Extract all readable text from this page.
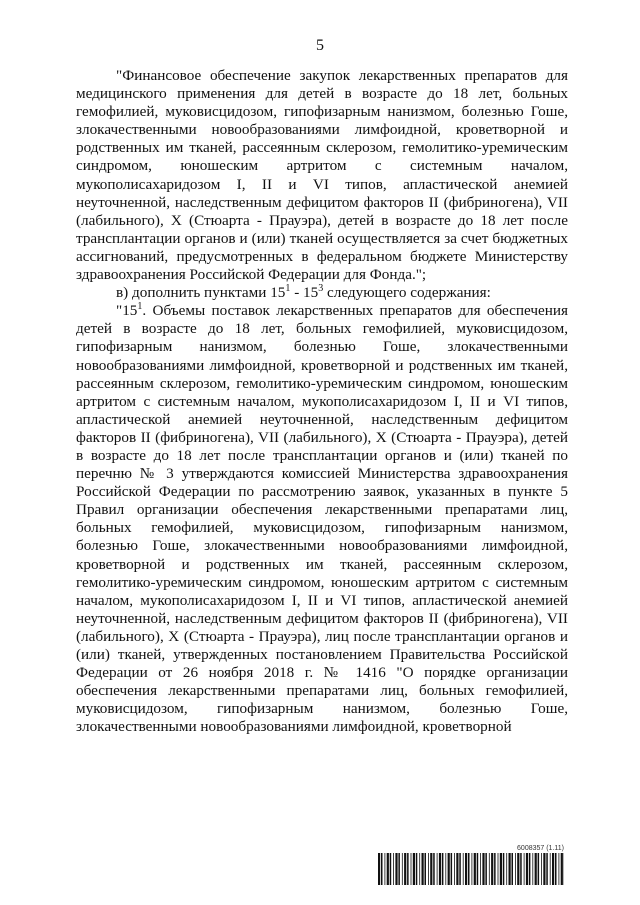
5

"Финансовое обеспечение закупок лекарственных препаратов для медицинского применения для детей в возрасте до 18 лет, больных гемофилией, муковисцидозом, гипофизарным нанизмом, болезнью Гоше, злокачественными новообразованиями лимфоидной, кроветворной и родственных им тканей, рассеянным склерозом, гемолитико-уремическим синдромом, юношеским артритом с системным началом, мукополисахаридозом I, II и VI типов, апластической анемией неуточненной, наследственным дефицитом факторов II (фибриногена), VII (лабильного), X (Стюарта - Прауэра), детей в возрасте до 18 лет после трансплантации органов и (или) тканей осуществляется за счет бюджетных ассигнований, предусмотренных в федеральном бюджете Министерству здравоохранения Российской Федерации для Фонда.";

в) дополнить пунктами $15^1 - 15^3$ следующего содержания:

"$15^1$. Объемы поставок лекарственных препаратов для обеспечения детей в возрасте до 18 лет, больных гемофилией, муковисцидозом, гипофизарным нанизмом, болезнью Гоше, злокачественными новообразованиями лимфоидной, кроветворной и родственных им тканей, рассеянным склерозом, гемолитико-уремическим синдромом, юношеским артритом с системным началом, мукополисахаридозом I, II и VI типов, апластической анемией неуточненной, наследственным дефицитом факторов II (фибриногена), VII (лабильного), X (Стюарта - Прауэра), детей в возрасте до 18 лет после трансплантации органов и (или) тканей по перечню № 3 утверждаются комиссией Министерства здравоохранения Российской Федерации по рассмотрению заявок, указанных в пункте 5 Правил организации обеспечения лекарственными препаратами лиц, больных гемофилией, муковисцидозом, гипофизарным нанизмом, болезнью Гоше, злокачественными новообразованиями лимфоидной, кроветворной и родственных им тканей, рассеянным склерозом, гемолитико-уремическим синдромом, юношеским артритом с системным началом, мукополисахаридозом I, II и VI типов, апластической анемией неуточненной, наследственным дефицитом факторов II (фибриногена), VII (лабильного), X (Стюарта - Прауэра), лиц после трансплантации органов и (или) тканей, утвержденных постановлением Правительства Российской Федерации от 26 ноября 2018 г. № 1416 "О порядке организации обеспечения лекарственными препаратами лиц, больных гемофилией, муковисцидозом, гипофизарным нанизмом, болезнью Гоше, злокачественными новообразованиями лимфоидной, кроветворной

6008357 (1.11)
